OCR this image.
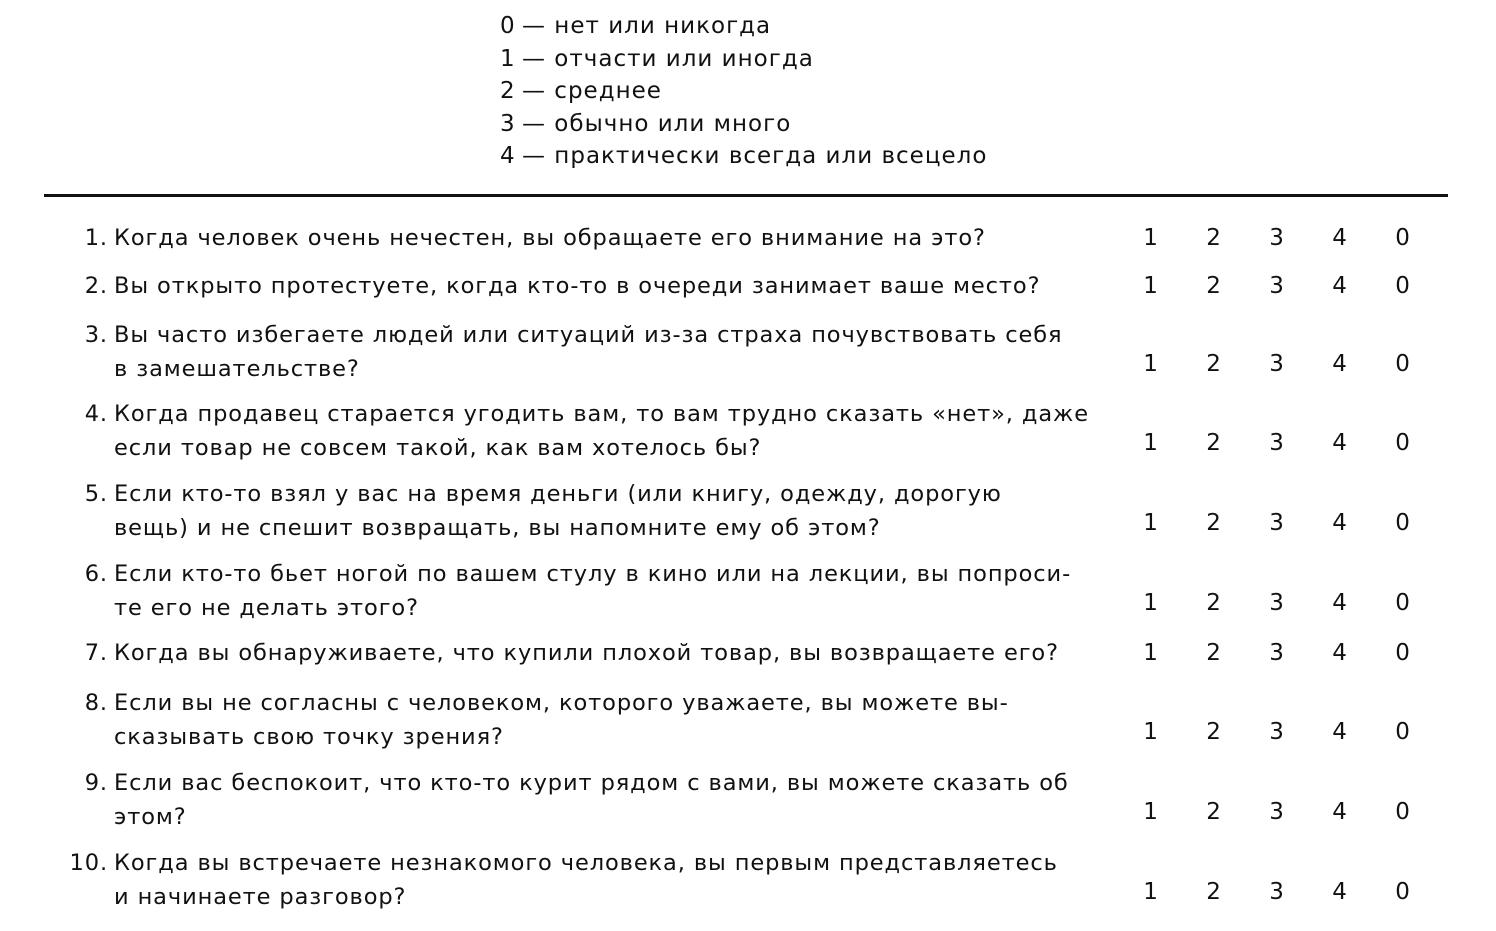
0 — нет или никогда
1 — отчасти или иногда
2 — среднее
3 — обычно или много
4 — практически всегда или всецело
1. Когда человек очень нечестен, вы обращаете его внимание на это?	1	2	3	4	0
2. Вы открыто протестуете, когда кто-то в очереди занимает ваше место?	1	2	3	4	0
3. Вы часто избегаете людей или ситуаций из-за страха почувствовать себя
в замешательстве?	1	2	3	4	0
4. Когда продавец старается угодить вам, то вам трудно сказать «нет», даже
если товар не совсем такой, как вам хотелось бы?	1	2	3	4	0
5. Если кто-то взял у вас на время деньги (или книгу, одежду, дорогую
вещь) и не спешит возвращать, вы напомните ему об этом?	1	2	3	4	0
6. Если кто-то бьет ногой по вашем стулу в кино или на лекции, вы попроси-
те его не делать этого?	1	2	3	4	0
7. Когда вы обнаруживаете, что купили плохой товар, вы возвращаете его?	1	2	3	4	0
8. Если вы не согласны с человеком, которого уважаете, вы можете вы-
сказывать свою точку зрения?	1	2	3	4	0
9. Если вас беспокоит, что кто-то курит рядом с вами, вы можете сказать об
этом?	1	2	3	4	0
10. Когда вы встречаете незнакомого человека, вы первым представляетесь
и начинаете разговор?	1	2	3	4	0
